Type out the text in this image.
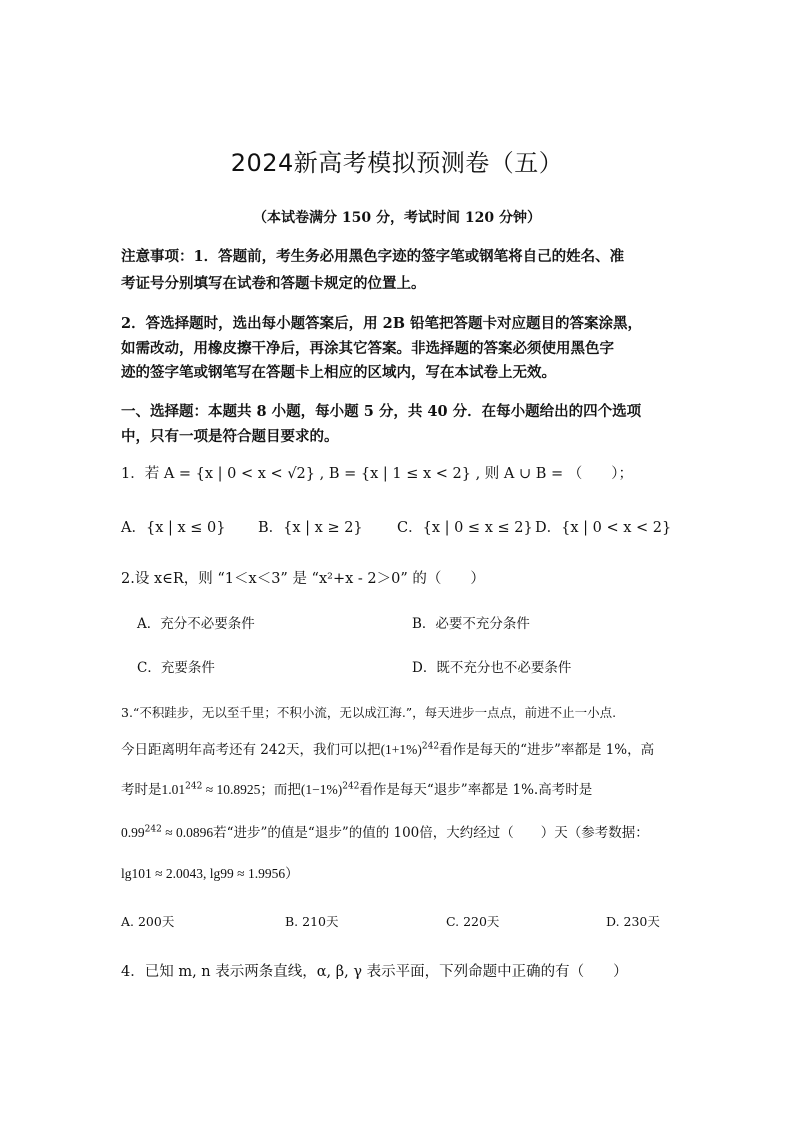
2024新高考模拟预测卷（五）
（本试卷满分 150 分，考试时间 120 分钟）
注意事项：1．答题前，考生务必用黑色字迹的签字笔或钢笔将自己的姓名、准
考证号分别填写在试卷和答题卡规定的位置上。
2．答选择题时，选出每小题答案后，用 2B 铅笔把答题卡对应题目的答案涂黑，
如需改动，用橡皮擦干净后，再涂其它答案。非选择题的答案必须使用黑色字
迹的签字笔或钢笔写在答题卡上相应的区域内，写在本试卷上无效。
一、选择题：本题共 8 小题，每小题 5 分，共 40 分．在每小题给出的四个选项
中，只有一项是符合题目要求的。
1．若 A = {x | 0 < x < √2} , B = {x | 1 ≤ x < 2} , 则 A ∪ B = （　　）；
A．{x | x ≤ 0} B．{x | x ≥ 2} C．{x | 0 ≤ x ≤ 2} D．{x | 0 < x < 2}
2.设 x∈R，则 “1＜x＜3” 是 “x²+x - 2＞0” 的（　　）
A．充分不必要条件	B．必要不充分条件
C．充要条件	D．既不充分也不必要条件
3.“不积跬步，无以至千里；不积小流，无以成江海.”，每天进步一点点，前进不止一小点.
今日距离明年高考还有 242天，我们可以把$(1+1\%)^{242}$看作是每天的“进步”率都是 1%，高
考时是$1.01^{242} \approx 10.8925$；而把$(1-1\%)^{242}$看作是每天“退步”率都是 1%.高考时是
$0.99^{242} \approx 0.0896$若“进步”的值是“退步”的值的 100倍，大约经过（　　）天（参考数据：
lg101 ≈ 2.0043, lg99 ≈ 1.9956）
A. 200天	B. 210天	C. 220天	D. 230天
4．已知 m, n 表示两条直线，α, β, γ 表示平面，下列命题中正确的有（　　）
